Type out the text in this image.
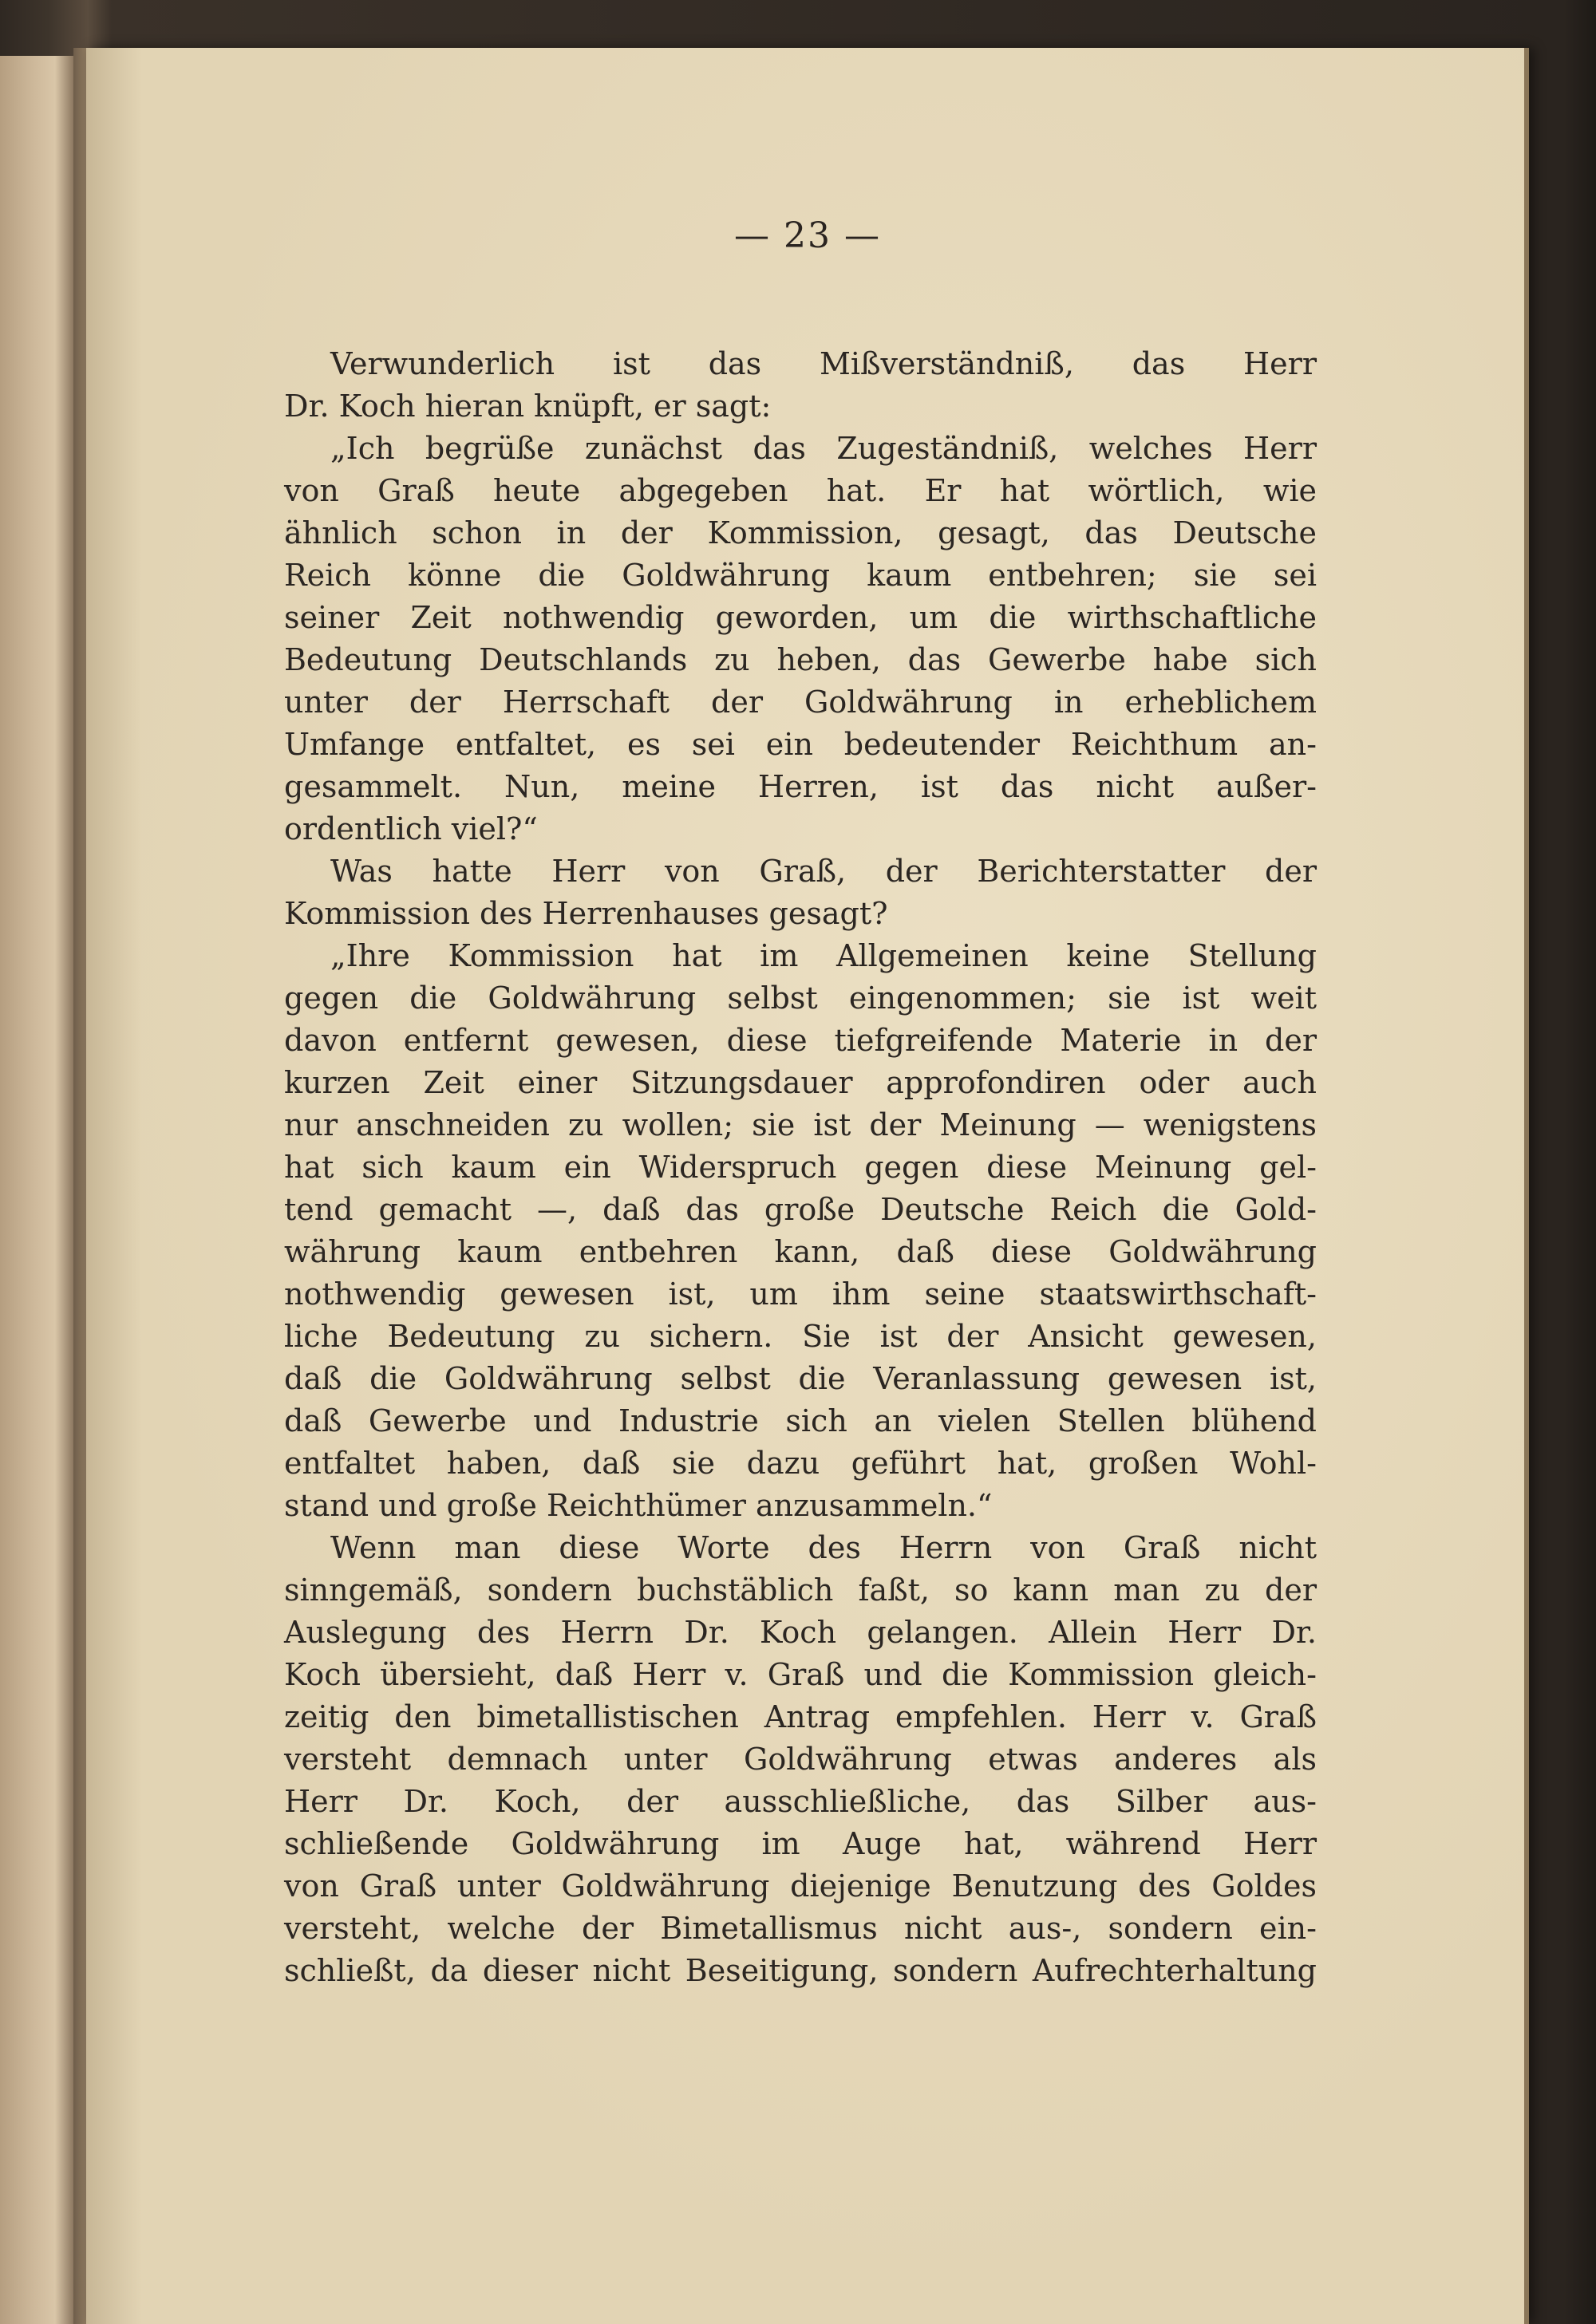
— 23 —
Verwunderlich ist das Mißverständniß, das Herr
Dr. Koch hieran knüpft, er sagt:
„Ich begrüße zunächst das Zugeständniß, welches Herr
von Graß heute abgegeben hat. Er hat wörtlich, wie
ähnlich schon in der Kommission, gesagt, das Deutsche
Reich könne die Goldwährung kaum entbehren; sie sei
seiner Zeit nothwendig geworden, um die wirthschaftliche
Bedeutung Deutschlands zu heben, das Gewerbe habe sich
unter der Herrschaft der Goldwährung in erheblichem
Umfange entfaltet, es sei ein bedeutender Reichthum an-
gesammelt. Nun, meine Herren, ist das nicht außer-
ordentlich viel?“
Was hatte Herr von Graß, der Berichterstatter der
Kommission des Herrenhauses gesagt?
„Ihre Kommission hat im Allgemeinen keine Stellung
gegen die Goldwährung selbst eingenommen; sie ist weit
davon entfernt gewesen, diese tiefgreifende Materie in der
kurzen Zeit einer Sitzungsdauer approfondiren oder auch
nur anschneiden zu wollen; sie ist der Meinung — wenigstens
hat sich kaum ein Widerspruch gegen diese Meinung gel-
tend gemacht —, daß das große Deutsche Reich die Gold-
währung kaum entbehren kann, daß diese Goldwährung
nothwendig gewesen ist, um ihm seine staatswirthschaft-
liche Bedeutung zu sichern. Sie ist der Ansicht gewesen,
daß die Goldwährung selbst die Veranlassung gewesen ist,
daß Gewerbe und Industrie sich an vielen Stellen blühend
entfaltet haben, daß sie dazu geführt hat, großen Wohl-
stand und große Reichthümer anzusammeln.“
Wenn man diese Worte des Herrn von Graß nicht
sinngemäß, sondern buchstäblich faßt, so kann man zu der
Auslegung des Herrn Dr. Koch gelangen. Allein Herr Dr.
Koch übersieht, daß Herr v. Graß und die Kommission gleich-
zeitig den bimetallistischen Antrag empfehlen. Herr v. Graß
versteht demnach unter Goldwährung etwas anderes als
Herr Dr. Koch, der ausschließliche, das Silber aus-
schließende Goldwährung im Auge hat, während Herr
von Graß unter Goldwährung diejenige Benutzung des Goldes
versteht, welche der Bimetallismus nicht aus-, sondern ein-
schließt, da dieser nicht Beseitigung, sondern Aufrechterhaltung
